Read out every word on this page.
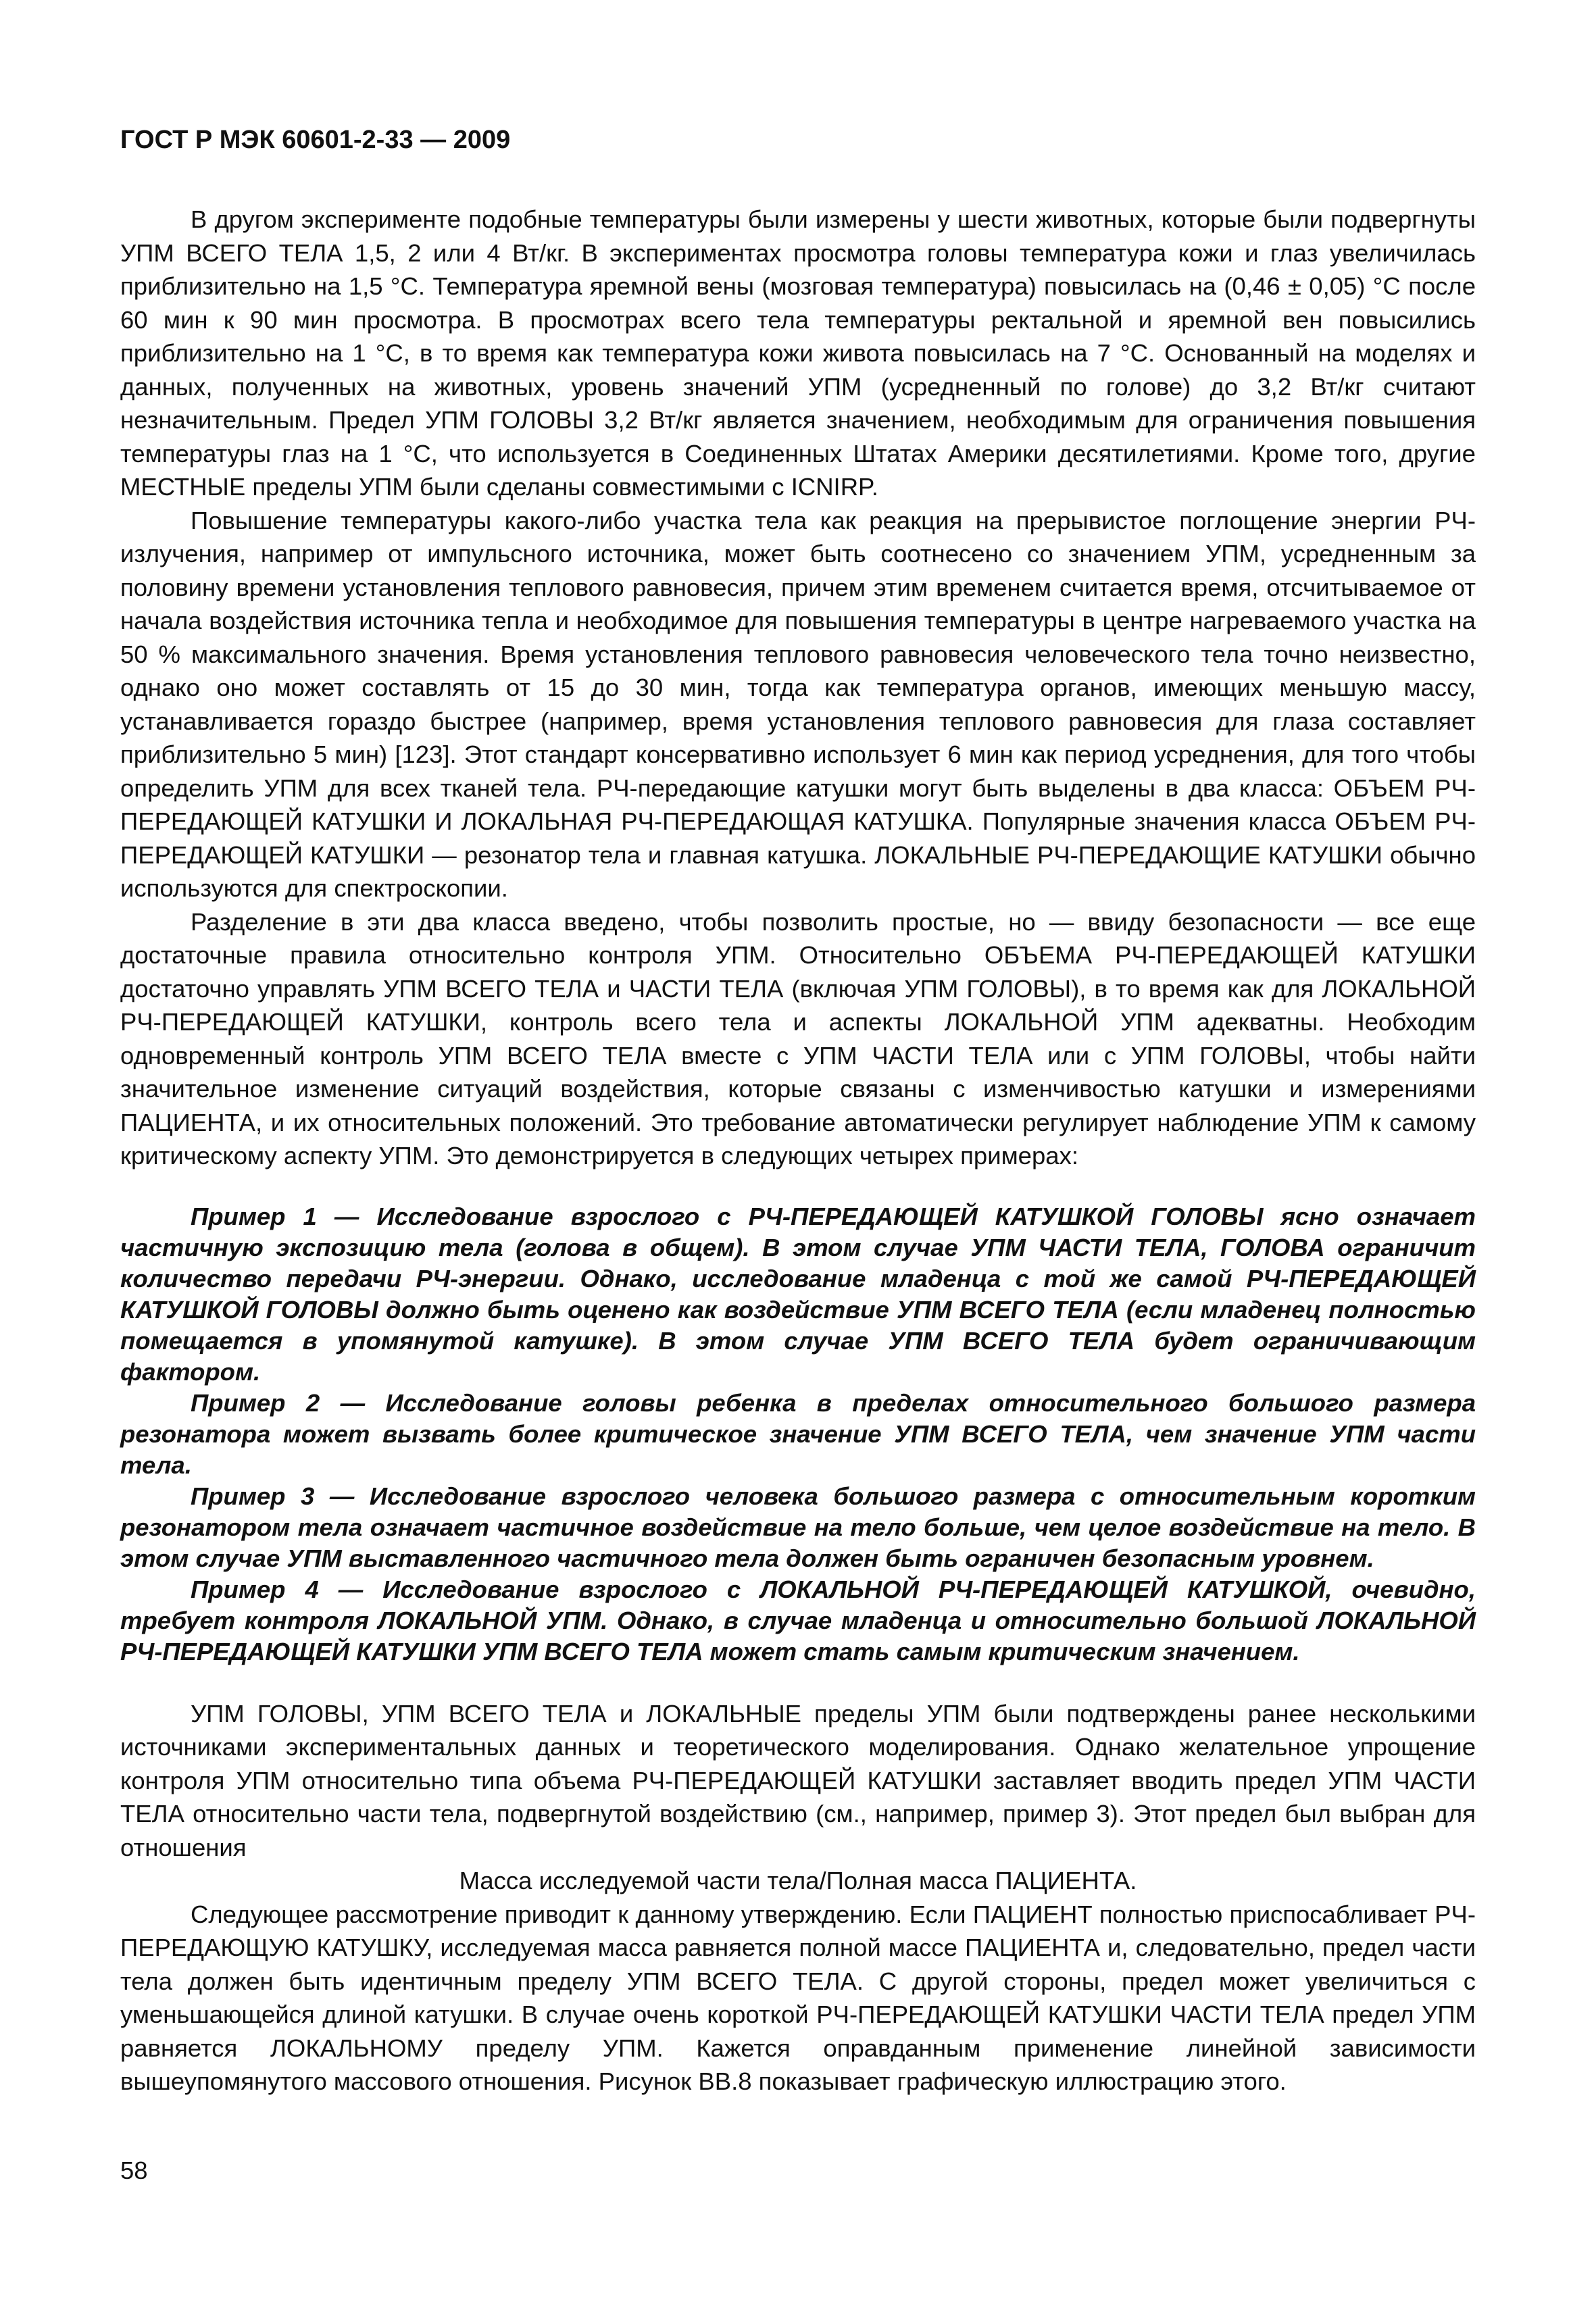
ГОСТ Р МЭК 60601-2-33 — 2009

В другом эксперименте подобные температуры были измерены у шести животных, которые были подвергнуты УПМ ВСЕГО ТЕЛА 1,5, 2 или 4 Вт/кг. В экспериментах просмотра головы температура кожи и глаз увеличилась приблизительно на 1,5 °С. Температура яремной вены (мозговая температура) повысилась на (0,46 ± 0,05) °С после 60 мин к 90 мин просмотра. В просмотрах всего тела температуры ректальной и яремной вен повысились приблизительно на 1 °С, в то время как температура кожи живота повысилась на 7 °С. Основанный на моделях и данных, полученных на животных, уровень значений УПМ (усредненный по голове) до 3,2 Вт/кг считают незначительным. Предел УПМ ГОЛОВЫ 3,2 Вт/кг является значением, необходимым для ограничения повышения температуры глаз на 1 °С, что используется в Соединенных Штатах Америки десятилетиями. Кроме того, другие МЕСТНЫЕ пределы УПМ были сделаны совместимыми с ICNIRP.

Повышение температуры какого-либо участка тела как реакция на прерывистое поглощение энергии РЧ-излучения, например от импульсного источника, может быть соотнесено со значением УПМ, усредненным за половину времени установления теплового равновесия, причем этим временем считается время, отсчитываемое от начала воздействия источника тепла и необходимое для повышения температуры в центре нагреваемого участка на 50 % максимального значения. Время установления теплового равновесия человеческого тела точно неизвестно, однако оно может составлять от 15 до 30 мин, тогда как температура органов, имеющих меньшую массу, устанавливается гораздо быстрее (например, время установления теплового равновесия для глаза составляет приблизительно 5 мин) [123]. Этот стандарт консервативно использует 6 мин как период усреднения, для того чтобы определить УПМ для всех тканей тела. РЧ-передающие катушки могут быть выделены в два класса: ОБЪЕМ РЧ-ПЕРЕДАЮЩЕЙ КАТУШКИ И ЛОКАЛЬНАЯ РЧ-ПЕРЕДАЮЩАЯ КАТУШКА. Популярные значения класса ОБЪЕМ РЧ-ПЕРЕДАЮЩЕЙ КАТУШКИ — резонатор тела и главная катушка. ЛОКАЛЬНЫЕ РЧ-ПЕРЕДАЮЩИЕ КАТУШКИ обычно используются для спектроскопии.

Разделение в эти два класса введено, чтобы позволить простые, но — ввиду безопасности — все еще достаточные правила относительно контроля УПМ. Относительно ОБЪЕМА РЧ-ПЕРЕДАЮЩЕЙ КАТУШКИ достаточно управлять УПМ ВСЕГО ТЕЛА и ЧАСТИ ТЕЛА (включая УПМ ГОЛОВЫ), в то время как для ЛОКАЛЬНОЙ РЧ-ПЕРЕДАЮЩЕЙ КАТУШКИ, контроль всего тела и аспекты ЛОКАЛЬНОЙ УПМ адекватны. Необходим одновременный контроль УПМ ВСЕГО ТЕЛА вместе с УПМ ЧАСТИ ТЕЛА или с УПМ ГОЛОВЫ, чтобы найти значительное изменение ситуаций воздействия, которые связаны с изменчивостью катушки и измерениями ПАЦИЕНТА, и их относительных положений. Это требование автоматически регулирует наблюдение УПМ к самому критическому аспекту УПМ. Это демонстрируется в следующих четырех примерах:

Пример 1 — Исследование взрослого с РЧ-ПЕРЕДАЮЩЕЙ КАТУШКОЙ ГОЛОВЫ ясно означает частичную экспозицию тела (голова в общем). В этом случае УПМ ЧАСТИ ТЕЛА, ГОЛОВА ограничит количество передачи РЧ-энергии. Однако, исследование младенца с той же самой РЧ-ПЕРЕДАЮЩЕЙ КАТУШКОЙ ГОЛОВЫ должно быть оценено как воздействие УПМ ВСЕГО ТЕЛА (если младенец полностью помещается в упомянутой катушке). В этом случае УПМ ВСЕГО ТЕЛА будет ограничивающим фактором.

Пример 2 — Исследование головы ребенка в пределах относительного большого размера резонатора может вызвать более критическое значение УПМ ВСЕГО ТЕЛА, чем значение УПМ части тела.

Пример 3 — Исследование взрослого человека большого размера с относительным коротким резонатором тела означает частичное воздействие на тело больше, чем целое воздействие на тело. В этом случае УПМ выставленного частичного тела должен быть ограничен безопасным уровнем.

Пример 4 — Исследование взрослого с ЛОКАЛЬНОЙ РЧ-ПЕРЕДАЮЩЕЙ КАТУШКОЙ, очевидно, требует контроля ЛОКАЛЬНОЙ УПМ. Однако, в случае младенца и относительно большой ЛОКАЛЬНОЙ РЧ-ПЕРЕДАЮЩЕЙ КАТУШКИ УПМ ВСЕГО ТЕЛА может стать самым критическим значением.

УПМ ГОЛОВЫ, УПМ ВСЕГО ТЕЛА и ЛОКАЛЬНЫЕ пределы УПМ были подтверждены ранее несколькими источниками экспериментальных данных и теоретического моделирования. Однако желательное упрощение контроля УПМ относительно типа объема РЧ-ПЕРЕДАЮЩЕЙ КАТУШКИ заставляет вводить предел УПМ ЧАСТИ ТЕЛА относительно части тела, подвергнутой воздействию (см., например, пример 3). Этот предел был выбран для отношения

Масса исследуемой части тела/Полная масса ПАЦИЕНТА.

Следующее рассмотрение приводит к данному утверждению. Если ПАЦИЕНТ полностью приспосабливает РЧ-ПЕРЕДАЮЩУЮ КАТУШКУ, исследуемая масса равняется полной массе ПАЦИЕНТА и, следовательно, предел части тела должен быть идентичным пределу УПМ ВСЕГО ТЕЛА. С другой стороны, предел может увеличиться с уменьшающейся длиной катушки. В случае очень короткой РЧ-ПЕРЕДАЮЩЕЙ КАТУШКИ ЧАСТИ ТЕЛА предел УПМ равняется ЛОКАЛЬНОМУ пределу УПМ. Кажется оправданным применение линейной зависимости вышеупомянутого массового отношения. Рисунок ВВ.8 показывает графическую иллюстрацию этого.

58
